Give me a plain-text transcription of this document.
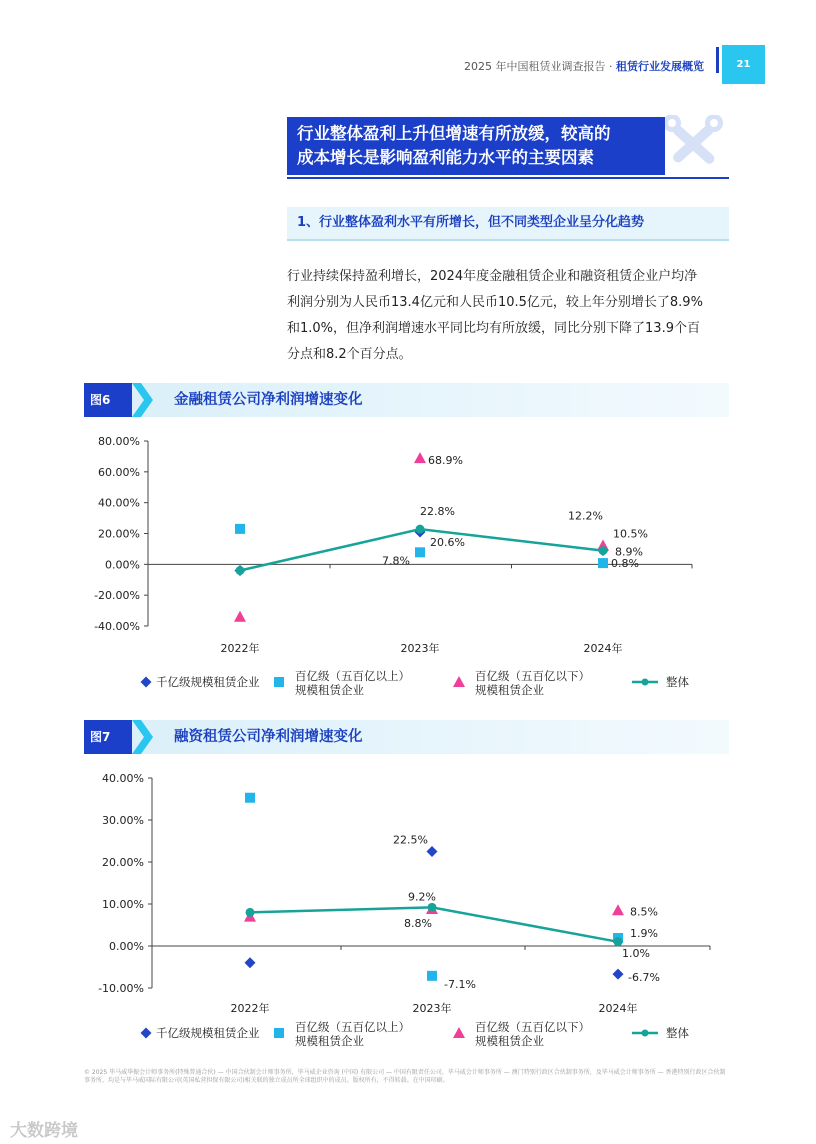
2025 年中国租赁业调查报告 · 租赁行业发展概览	21
行业整体盈利上升但增速有所放缓，较高的
成本增长是影响盈利能力水平的主要因素
1、行业整体盈利水平有所增长，但不同类型企业呈分化趋势
行业持续保持盈利增长，2024年度金融租赁企业和融资租赁企业户均净
利润分别为人民币13.4亿元和人民币10.5亿元，较上年分别增长了8.9%
和1.0%，但净利润增速水平同比均有所放缓，同比分别下降了13.9个百
分点和8.2个百分点。
图6	金融租赁公司净利润增速变化
80.00%
60.00%
40.00%
20.00%
0.00%
-20.00%
-40.00%
2022年	2023年	2024年
7.8%	0.8%
68.9%
12.2%
22.8%
8.9%
20.6%
10.5%
千亿级规模租赁企业	百亿级（五百亿以上）
规模租赁企业
百亿级（五百亿以下）
规模租赁企业
整体
图7	融资租赁公司净利润增速变化
40.00%
30.00%
20.00%
10.00%
0.00%
-10.00%
2022年	2023年	2024年
22.5%
-6.7%
-7.1%
1.9%
8.8%
8.5%
9.2%
1.0%
千亿级规模租赁企业	百亿级（五百亿以上）
规模租赁企业
百亿级（五百亿以下）
规模租赁企业
整体
© 2025 毕马威华振会计师事务所(特殊普通合伙) — 中国合伙制会计师事务所，毕马威企业咨询 (中国) 有限公司 — 中国有限责任公司，毕马威会计师事务所 — 澳门特别行政区合伙制事务所，及毕马威会计师事务所 — 香港特别行政区合伙制事务所，均是与毕马威国际有限公司(英国私营担保有限公司)相关联的独立成员所全球组织中的成员。版权所有，不得转载。在中国印刷。
大数跨境
